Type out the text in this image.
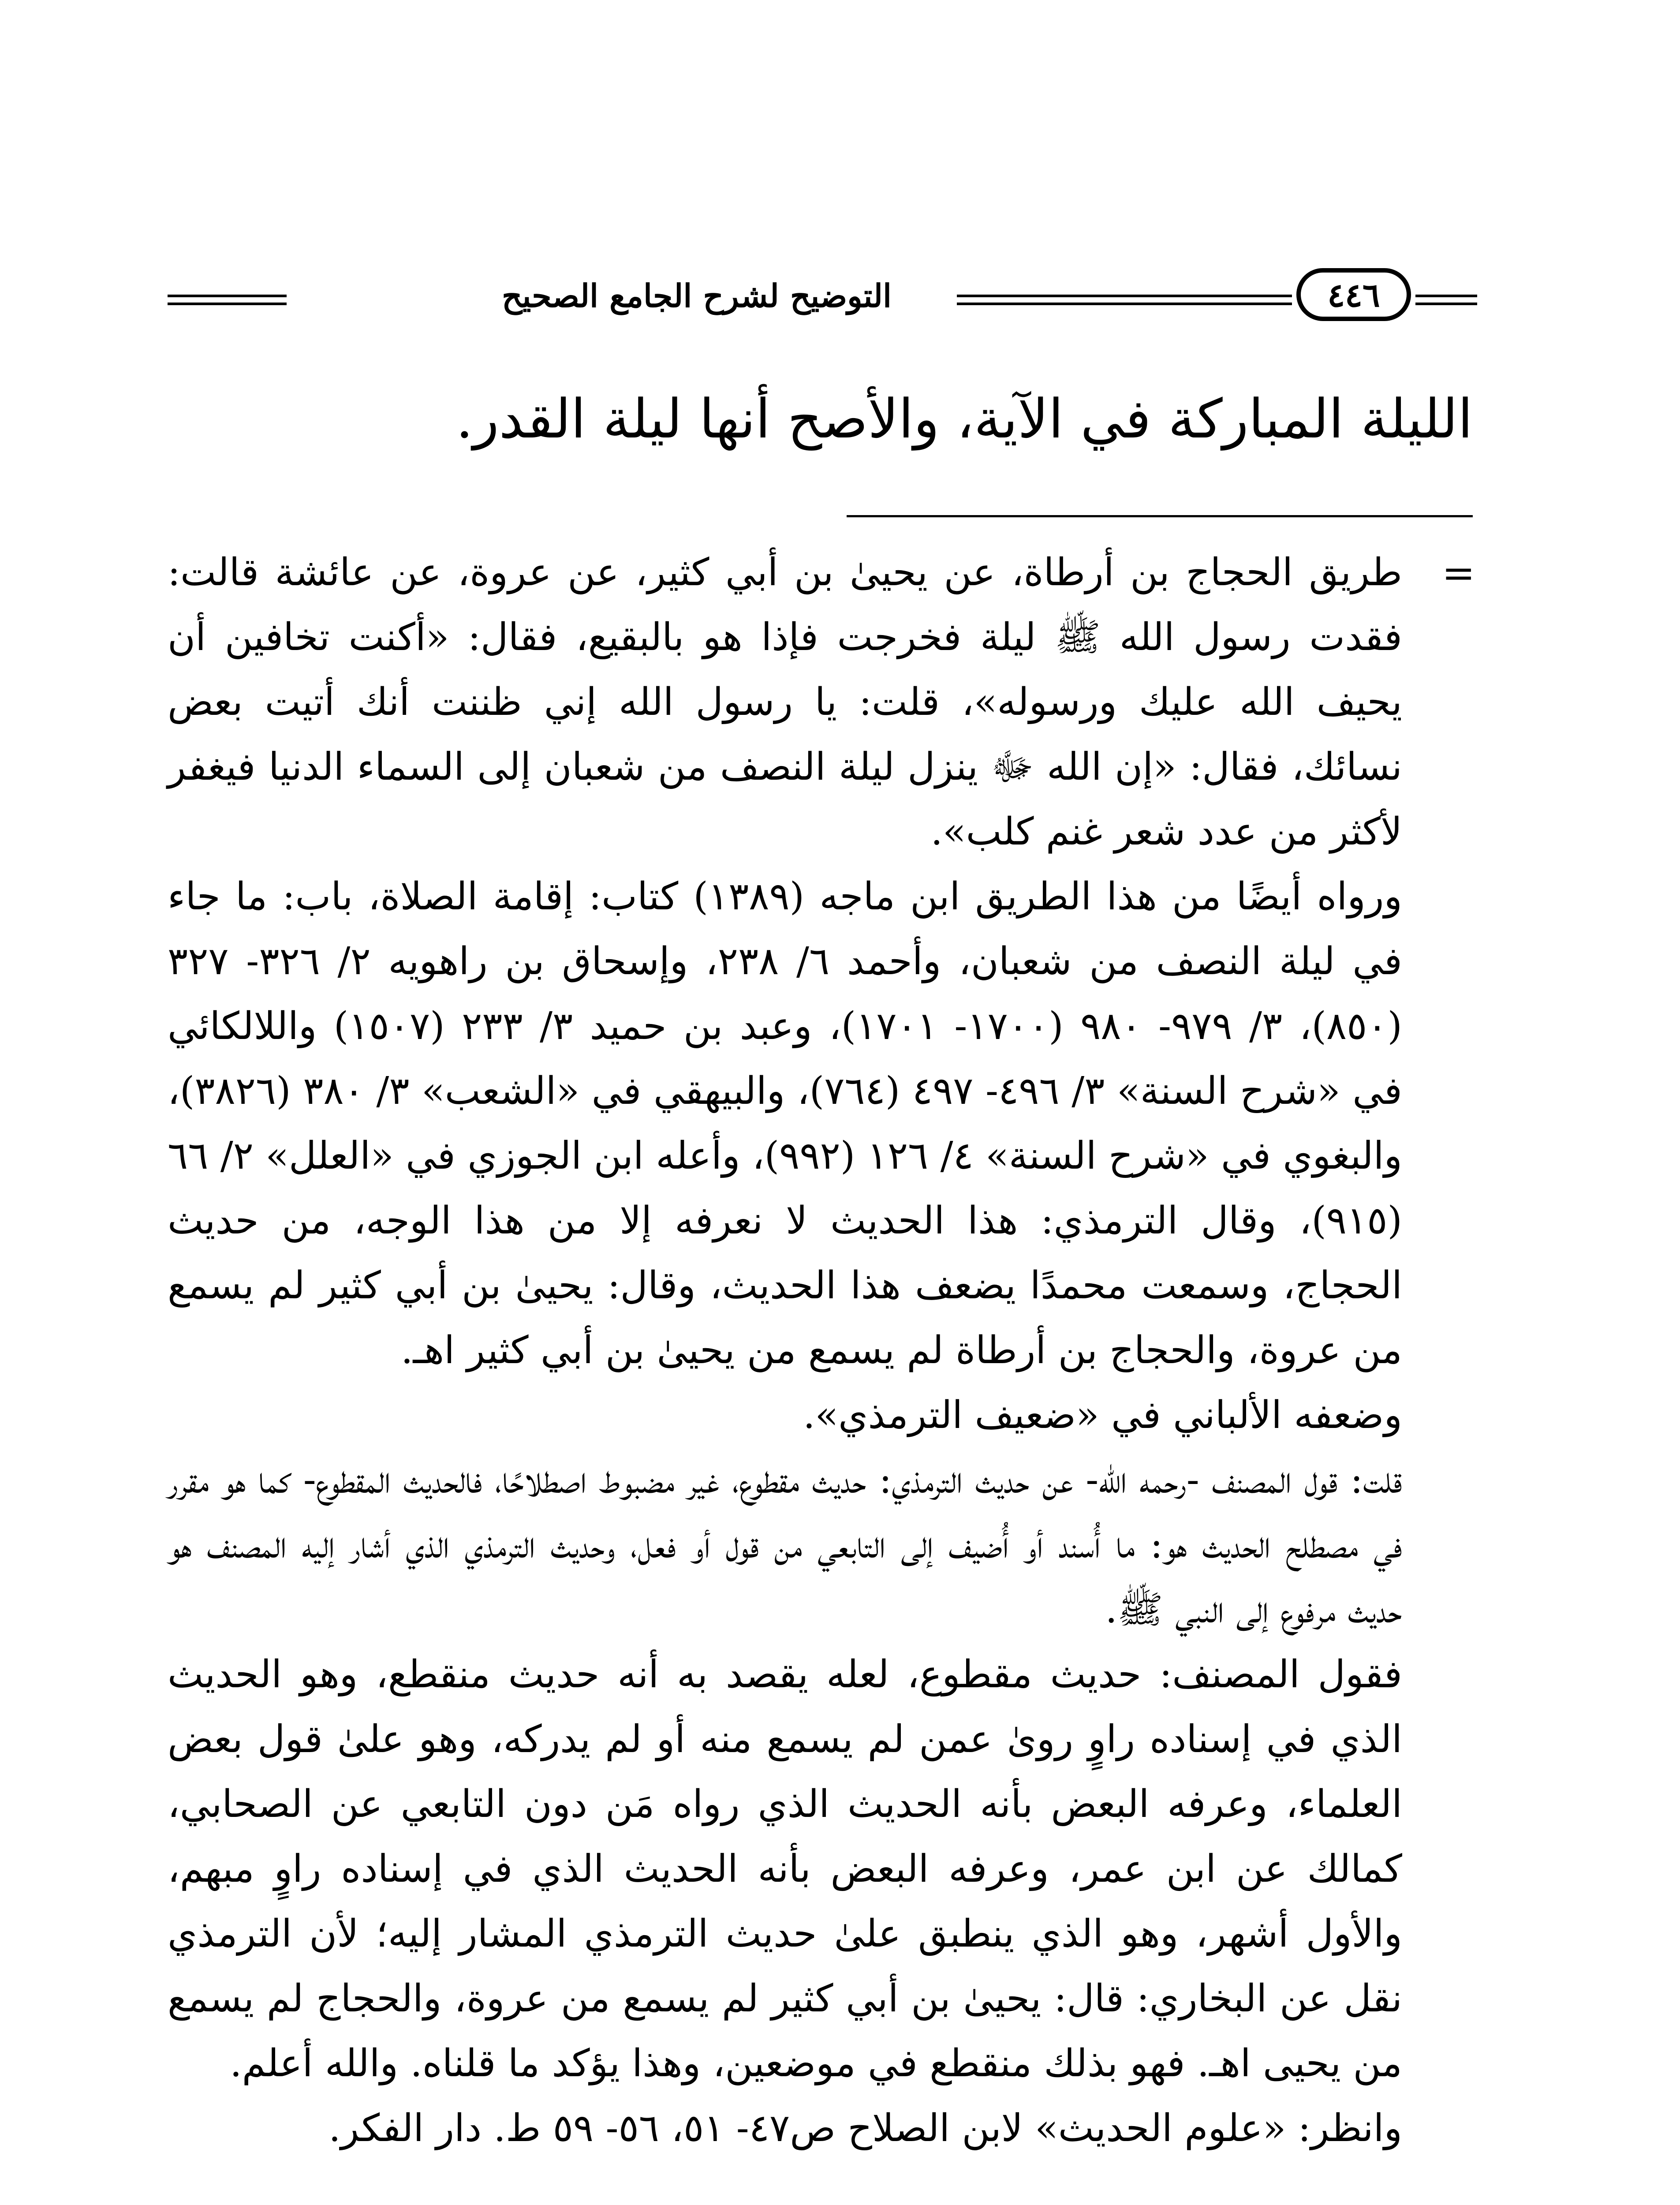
التوضيح لشرح الجامع الصحيح	٤٤٦
الليلة المباركة في الآية، والأصح أنها ليلة القدر.
=

طريق الحجاج بن أرطاة، عن يحيىٰ بن أبي كثير، عن عروة، عن عائشة قالت: فقدت رسول الله ﷺ ليلة فخرجت فإذا هو بالبقيع، فقال: «أكنت تخافين أن يحيف الله عليك ورسوله»، قلت: يا رسول الله إني ظننت أنك أتيت بعض نسائك، فقال: «إن الله ﷻ ينزل ليلة النصف من شعبان إلى السماء الدنيا فيغفر لأكثر من عدد شعر غنم كلب».

ورواه أيضًا من هذا الطريق ابن ماجه (١٣٨٩) كتاب: إقامة الصلاة، باب: ما جاء في ليلة النصف من شعبان، وأحمد ٦/ ٢٣٨، وإسحاق بن راهويه ٢/ ٣٢٦- ٣٢٧ (٨٥٠)، ٣/ ٩٧٩- ٩٨٠ (١٧٠٠- ١٧٠١)، وعبد بن حميد ٣/ ٢٣٣ (١٥٠٧) واللالكائي في «شرح السنة» ٣/ ٤٩٦- ٤٩٧ (٧٦٤)، والبيهقي في «الشعب» ٣/ ٣٨٠ (٣٨٢٦)، والبغوي في «شرح السنة» ٤/ ١٢٦ (٩٩٢)، وأعله ابن الجوزي في «العلل» ٢/ ٦٦ (٩١٥)، وقال الترمذي: هذا الحديث لا نعرفه إلا من هذا الوجه، من حديث الحجاج، وسمعت محمدًا يضعف هذا الحديث، وقال: يحيىٰ بن أبي كثير لم يسمع من عروة، والحجاج بن أرطاة لم يسمع من يحيىٰ بن أبي كثير اهـ.

وضعفه الألباني في «ضعيف الترمذي».

قلت: قول المصنف -رحمه الله- عن حديث الترمذي: حديث مقطوع، غير مضبوط اصطلاحًا، فالحديث المقطوع- كما هو مقرر في مصطلح الحديث هو: ما أُسند أو أُضيف إلى التابعي من قول أو فعل، وحديث الترمذي الذي أشار إليه المصنف هو حديث مرفوع إلى النبي ﷺ.

فقول المصنف: حديث مقطوع، لعله يقصد به أنه حديث منقطع، وهو الحديث الذي في إسناده راوٍ روىٰ عمن لم يسمع منه أو لم يدركه، وهو علىٰ قول بعض العلماء، وعرفه البعض بأنه الحديث الذي رواه مَن دون التابعي عن الصحابي، كمالك عن ابن عمر، وعرفه البعض بأنه الحديث الذي في إسناده راوٍ مبهم، والأول أشهر، وهو الذي ينطبق علىٰ حديث الترمذي المشار إليه؛ لأن الترمذي نقل عن البخاري: قال: يحيىٰ بن أبي كثير لم يسمع من عروة، والحجاج لم يسمع من يحيى اهـ. فهو بذلك منقطع في موضعين، وهذا يؤكد ما قلناه. والله أعلم.

وانظر: «علوم الحديث» لابن الصلاح ص٤٧- ٥١، ٥٦- ٥٩ ط. دار الفكر.
